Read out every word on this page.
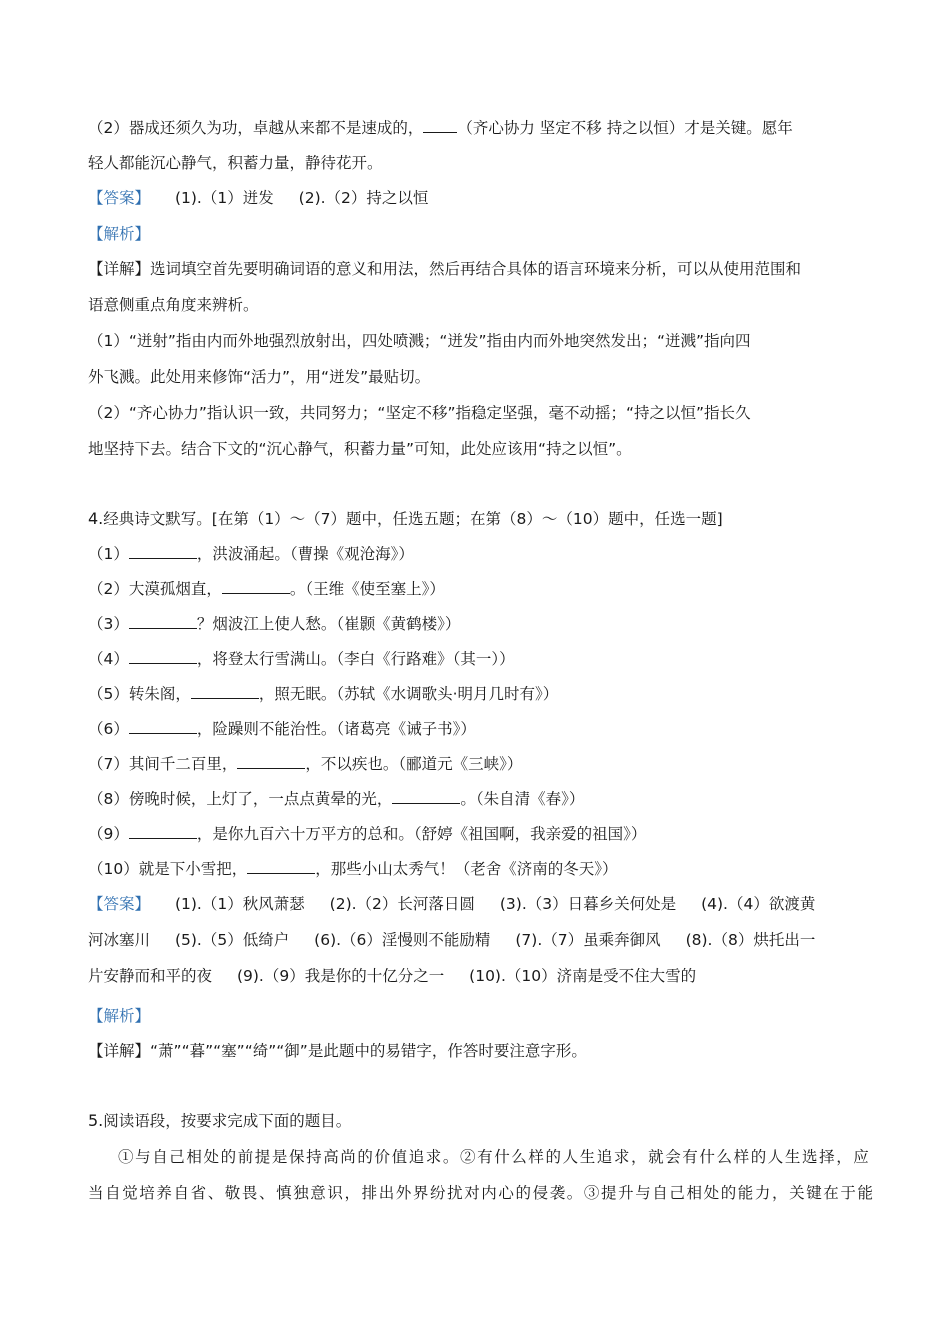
（2）器成还须久为功，卓越从来都不是速成的， （齐心协力 坚定不移 持之以恒）才是关键。愿年
轻人都能沉心静气，积蓄力量，静待花开。
【答案】 (1).（1）迸发 (2).（2）持之以恒
【解析】
【详解】选词填空首先要明确词语的意义和用法，然后再结合具体的语言环境来分析，可以从使用范围和
语意侧重点角度来辨析。
（1）“迸射”指由内而外地强烈放射出，四处喷溅；“迸发”指由内而外地突然发出；“迸溅”指向四
外飞溅。此处用来修饰“活力”，用“迸发”最贴切。
（2）“齐心协力”指认识一致，共同努力；“坚定不移”指稳定坚强，毫不动摇；“持之以恒”指长久
地坚持下去。结合下文的“沉心静气，积蓄力量”可知，此处应该用“持之以恒”。
4.经典诗文默写。[在第（1）～（7）题中，任选五题；在第（8）～（10）题中，任选一题]
（1）	，洪波涌起。（曹操《观沧海》）
（2）大漠孤烟直，	。（王维《使至塞上》）
（3）	？烟波江上使人愁。（崔颢《黄鹤楼》）
（4）	，将登太行雪满山。（李白《行路难》（其一））
（5）转朱阁，	，照无眠。（苏轼《水调歌头·明月几时有》）
（6）	，险躁则不能治性。（诸葛亮《诫子书》）
（7）其间千二百里，	，不以疾也。（郦道元《三峡》）
（8）傍晚时候，上灯了，一点点黄晕的光，	。（朱自清《春》）
（9）	，是你九百六十万平方的总和。（舒婷《祖国啊，我亲爱的祖国》）
（10）就是下小雪把，	，那些小山太秀气！（老舍《济南的冬天》）
【答案】 (1).（1）秋风萧瑟 (2).（2）长河落日圆 (3).（3）日暮乡关何处是 (4).（4）欲渡黄
河冰塞川 (5).（5）低绮户 (6).（6）淫慢则不能励精 (7).（7）虽乘奔御风 (8).（8）烘托出一
片安静而和平的夜 (9).（9）我是你的十亿分之一 (10).（10）济南是受不住大雪的
【解析】
【详解】“萧”“暮”“塞”“绮”“御”是此题中的易错字，作答时要注意字形。
5.阅读语段，按要求完成下面的题目。
①与自己相处的前提是保持高尚的价值追求。②有什么样的人生追求，就会有什么样的人生选择，应
当自觉培养自省、敬畏、慎独意识，排出外界纷扰对内心的侵袭。③提升与自己相处的能力，关键在于能
